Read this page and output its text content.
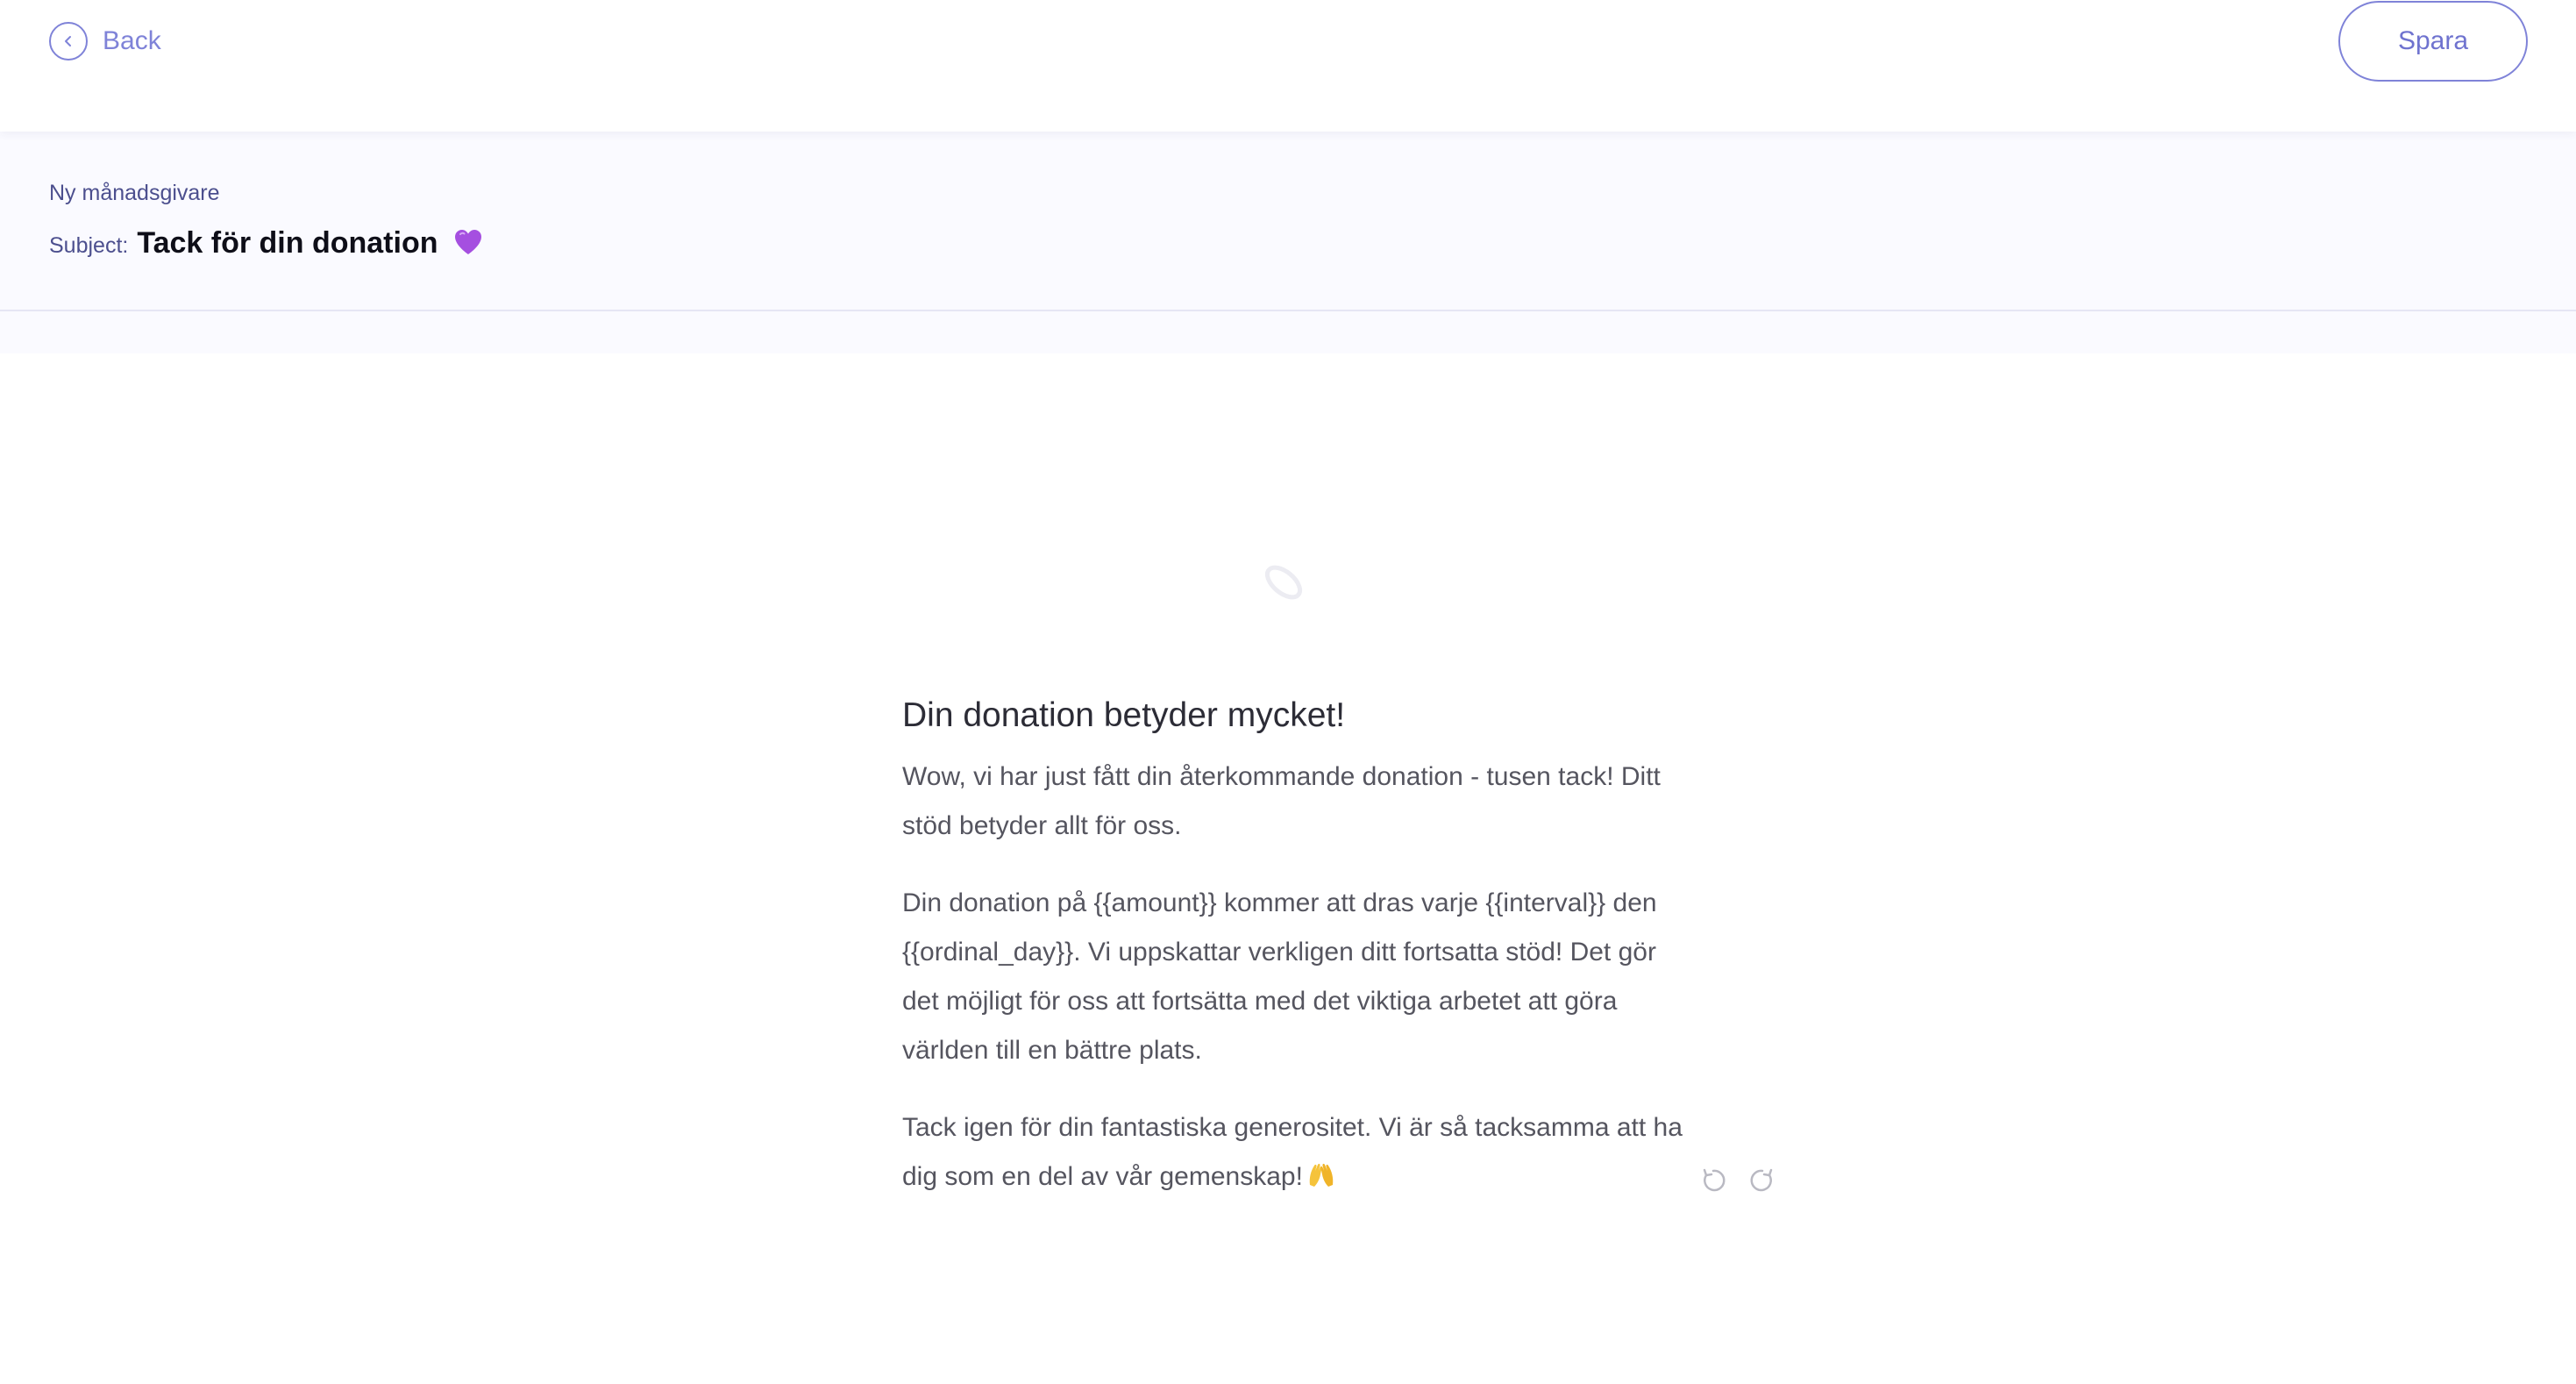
Back	Spara
Ny månadsgivare
Subject: Tack för din donation
Din donation betyder mycket!

Wow, vi har just fått din återkommande donation - tusen tack! Ditt stöd betyder allt för oss.

Din donation på {{amount}} kommer att dras varje {{interval}} den {{ordinal_day}}. Vi uppskattar verkligen ditt fortsatta stöd! Det gör det möjligt för oss att fortsätta med det viktiga arbetet att göra världen till en bättre plats.

Tack igen för din fantastiska generositet. Vi är så tacksamma att ha dig som en del av vår gemenskap!
